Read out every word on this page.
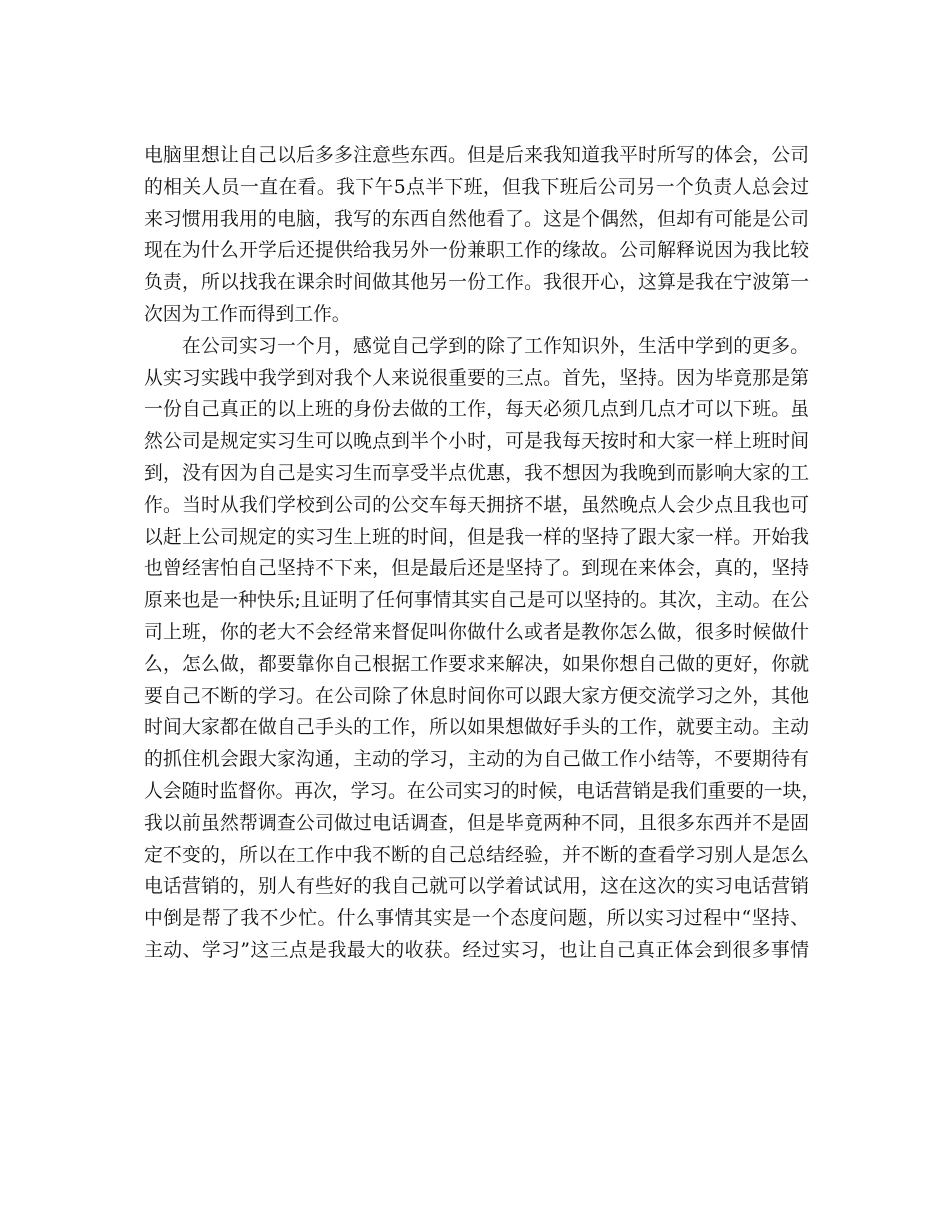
电脑里想让自己以后多多注意些东西。但是后来我知道我平时所写的体会，公司
的相关人员一直在看。我下午5点半下班，但我下班后公司另一个负责人总会过
来习惯用我用的电脑，我写的东西自然他看了。这是个偶然，但却有可能是公司
现在为什么开学后还提供给我另外一份兼职工作的缘故。公司解释说因为我比较
负责，所以找我在课余时间做其他另一份工作。我很开心，这算是我在宁波第一
次因为工作而得到工作。
在公司实习一个月，感觉自己学到的除了工作知识外，生活中学到的更多。
从实习实践中我学到对我个人来说很重要的三点。首先，坚持。因为毕竟那是第
一份自己真正的以上班的身份去做的工作，每天必须几点到几点才可以下班。虽
然公司是规定实习生可以晚点到半个小时，可是我每天按时和大家一样上班时间
到，没有因为自己是实习生而享受半点优惠，我不想因为我晚到而影响大家的工
作。当时从我们学校到公司的公交车每天拥挤不堪，虽然晚点人会少点且我也可
以赶上公司规定的实习生上班的时间，但是我一样的坚持了跟大家一样。开始我
也曾经害怕自己坚持不下来，但是最后还是坚持了。到现在来体会，真的，坚持
原来也是一种快乐;且证明了任何事情其实自己是可以坚持的。其次，主动。在公
司上班，你的老大不会经常来督促叫你做什么或者是教你怎么做，很多时候做什
么，怎么做，都要靠你自己根据工作要求来解决，如果你想自己做的更好，你就
要自己不断的学习。在公司除了休息时间你可以跟大家方便交流学习之外，其他
时间大家都在做自己手头的工作，所以如果想做好手头的工作，就要主动。主动
的抓住机会跟大家沟通，主动的学习，主动的为自己做工作小结等，不要期待有
人会随时监督你。再次，学习。在公司实习的时候，电话营销是我们重要的一块，
我以前虽然帮调查公司做过电话调查，但是毕竟两种不同，且很多东西并不是固
定不变的，所以在工作中我不断的自己总结经验，并不断的查看学习别人是怎么
电话营销的，别人有些好的我自己就可以学着试试用，这在这次的实习电话营销
中倒是帮了我不少忙。什么事情其实是一个态度问题，所以实习过程中“坚持、
主动、学习”这三点是我最大的收获。经过实习，也让自己真正体会到很多事情
